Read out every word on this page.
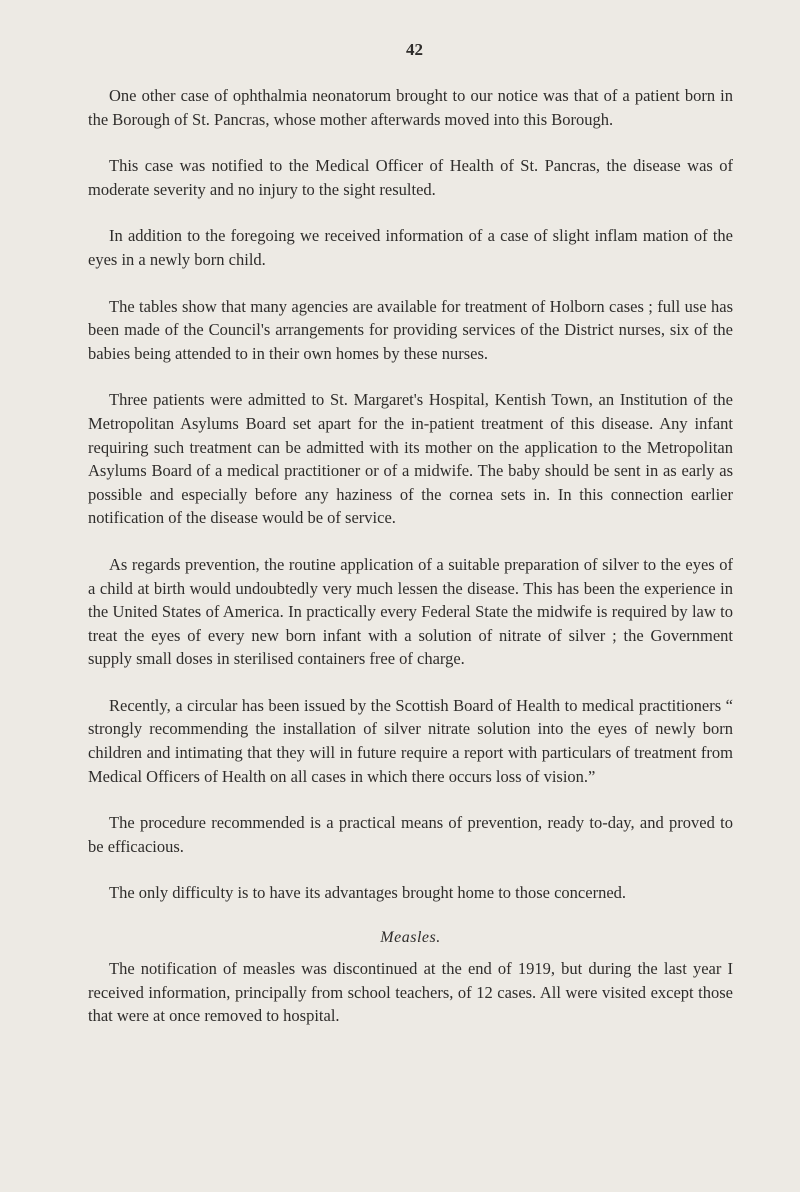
42

One other case of ophthalmia neonatorum brought to our notice was that of a patient born in the Borough of St. Pancras, whose mother afterwards moved into this Borough.

This case was notified to the Medical Officer of Health of St. Pancras, the disease was of moderate severity and no injury to the sight resulted.

In addition to the foregoing we received information of a case of slight inflam mation of the eyes in a newly born child.

The tables show that many agencies are available for treatment of Holborn cases ; full use has been made of the Council's arrangements for providing services of the District nurses, six of the babies being attended to in their own homes by these nurses.

Three patients were admitted to St. Margaret's Hospital, Kentish Town, an Institution of the Metropolitan Asylums Board set apart for the in-patient treatment of this disease. Any infant requiring such treatment can be admitted with its mother on the application to the Metropolitan Asylums Board of a medical practitioner or of a midwife. The baby should be sent in as early as possible and especially before any haziness of the cornea sets in. In this connection earlier notification of the disease would be of service.

As regards prevention, the routine application of a suitable preparation of silver to the eyes of a child at birth would undoubtedly very much lessen the disease. This has been the experience in the United States of America. In practically every Federal State the midwife is required by law to treat the eyes of every new born infant with a solution of nitrate of silver ; the Government supply small doses in sterilised containers free of charge.

Recently, a circular has been issued by the Scottish Board of Health to medical practitioners “ strongly recommending the installation of silver nitrate solution into the eyes of newly born children and intimating that they will in future require a report with particulars of treatment from Medical Officers of Health on all cases in which there occurs loss of vision.”

The procedure recommended is a practical means of prevention, ready to-day, and proved to be efficacious.

The only difficulty is to have its advantages brought home to those concerned.

Measles.

The notification of measles was discontinued at the end of 1919, but during the last year I received information, principally from school teachers, of 12 cases. All were visited except those that were at once removed to hospital.
